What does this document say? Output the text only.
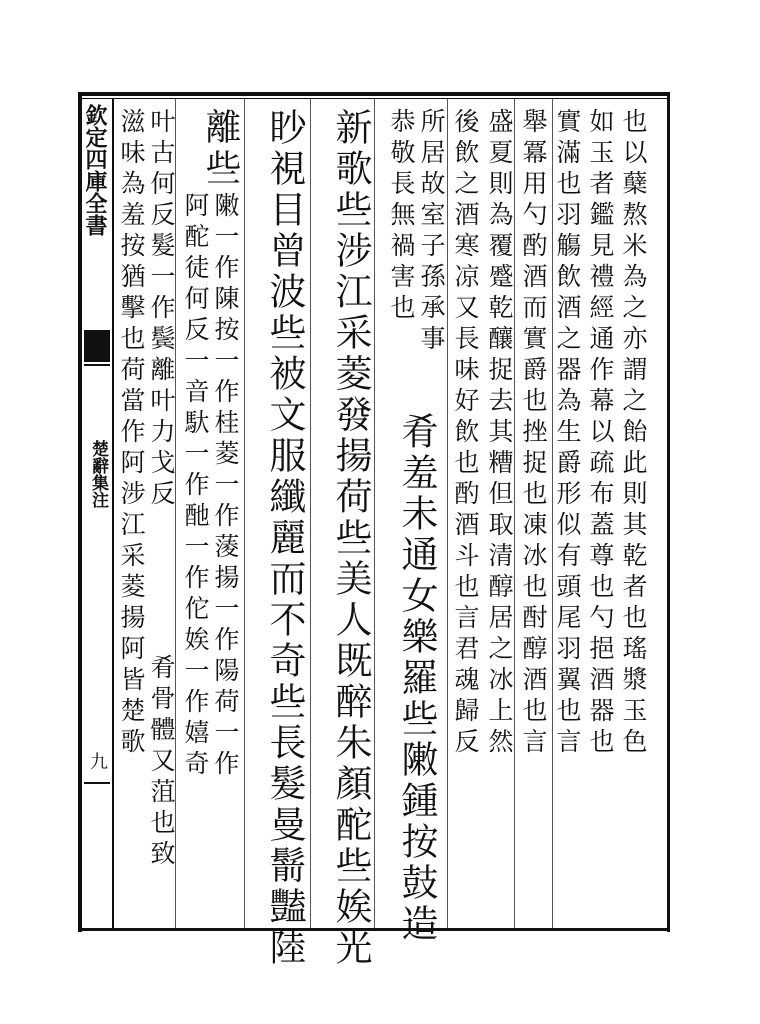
欽定四庫全書
楚辭集注
九
也以蘖熬米為之亦謂之飴此則其乾者也瑤漿玉色
如玉者鑑見禮經通作幕以疏布蓋尊也勺挹酒器也
實滿也羽觴飲酒之器為生爵形似有頭尾羽翼也言
舉冪用勺酌酒而實爵也挫捉也凍冰也酎醇酒也言
盛夏則為覆蹙乾釀捉去其糟但取清醇居之冰上然
後飲之酒寒凉又長味好飲也酌酒斗也言君魂歸反
所居故室子孫承事
恭敬長無禍害也
肴羞未通女樂羅些敶鍾按鼓造
新歌些涉江采菱發揚荷些美人既醉朱顏酡些娭光
眇視目曾波些被文服纖麗而不奇些長髮曼鬋豔陸
離些
敶一作陳按一作桂菱一作蔆揚一作陽荷一作
阿酡徒何反一音馱一作酏一作佗娭一作嬉奇
叶古何反髮一作鬓離叶力戈反
肴骨體又菹也致
滋味為羞按猶擊也荷當作阿涉江采菱揚阿皆楚歌
